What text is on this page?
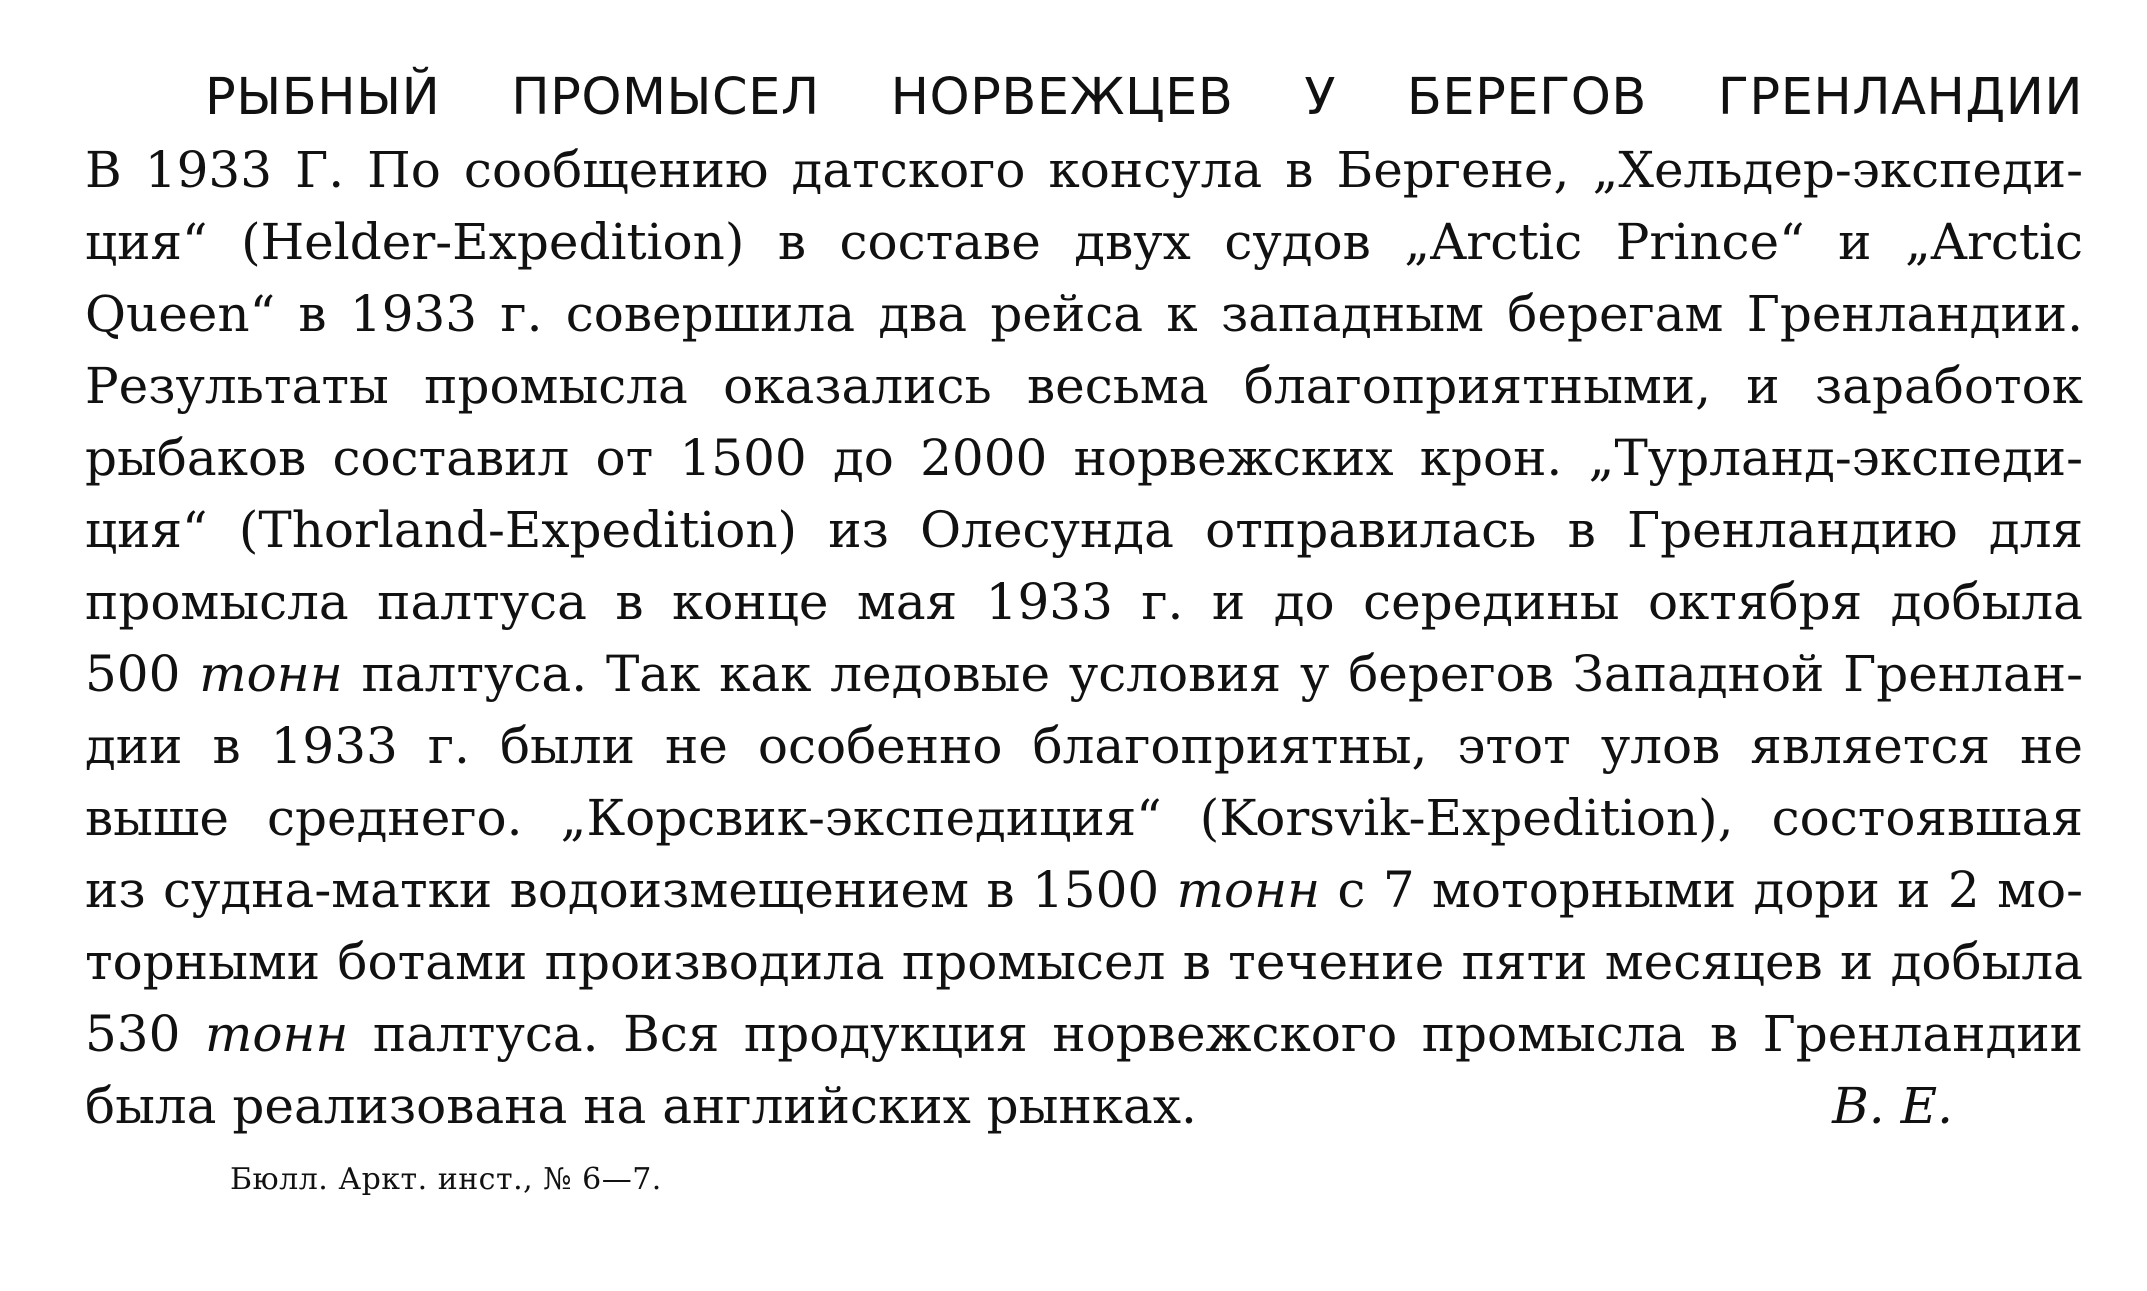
РЫБНЫЙ ПРОМЫСЕЛ НОРВЕЖЦЕВ У БЕРЕГОВ ГРЕНЛАНДИИ
В 1933 Г. По сообщению датского консула в Бергене, „Хельдер-экспеди-
ция“ (Helder-Expedition) в составе двух судов „Arctic Prince“ и „Arctic
Queen“ в 1933 г. совершила два рейса к западным берегам Гренландии.
Результаты промысла оказались весьма благоприятными, и заработок
рыбаков составил от 1500 до 2000 норвежских крон. „Турланд-экспеди-
ция“ (Thorland-Expedition) из Олесунда отправилась в Гренландию для
промысла палтуса в конце мая 1933 г. и до середины октября добыла
500 тонн палтуса. Так как ледовые условия у берегов Западной Гренлан-
дии в 1933 г. были не особенно благоприятны, этот улов является не
выше среднего. „Корсвик-экспедиция“ (Korsvik-Expedition), состоявшая
из судна-матки водоизмещением в 1500 тонн с 7 моторными дори и 2 мо-
торными ботами производила промысел в течение пяти месяцев и добыла
530 тонн палтуса. Вся продукция норвежского промысла в Гренландии
была реализована на английских рынках.	В. Е.
Бюлл. Аркт. инст., № 6—7.
